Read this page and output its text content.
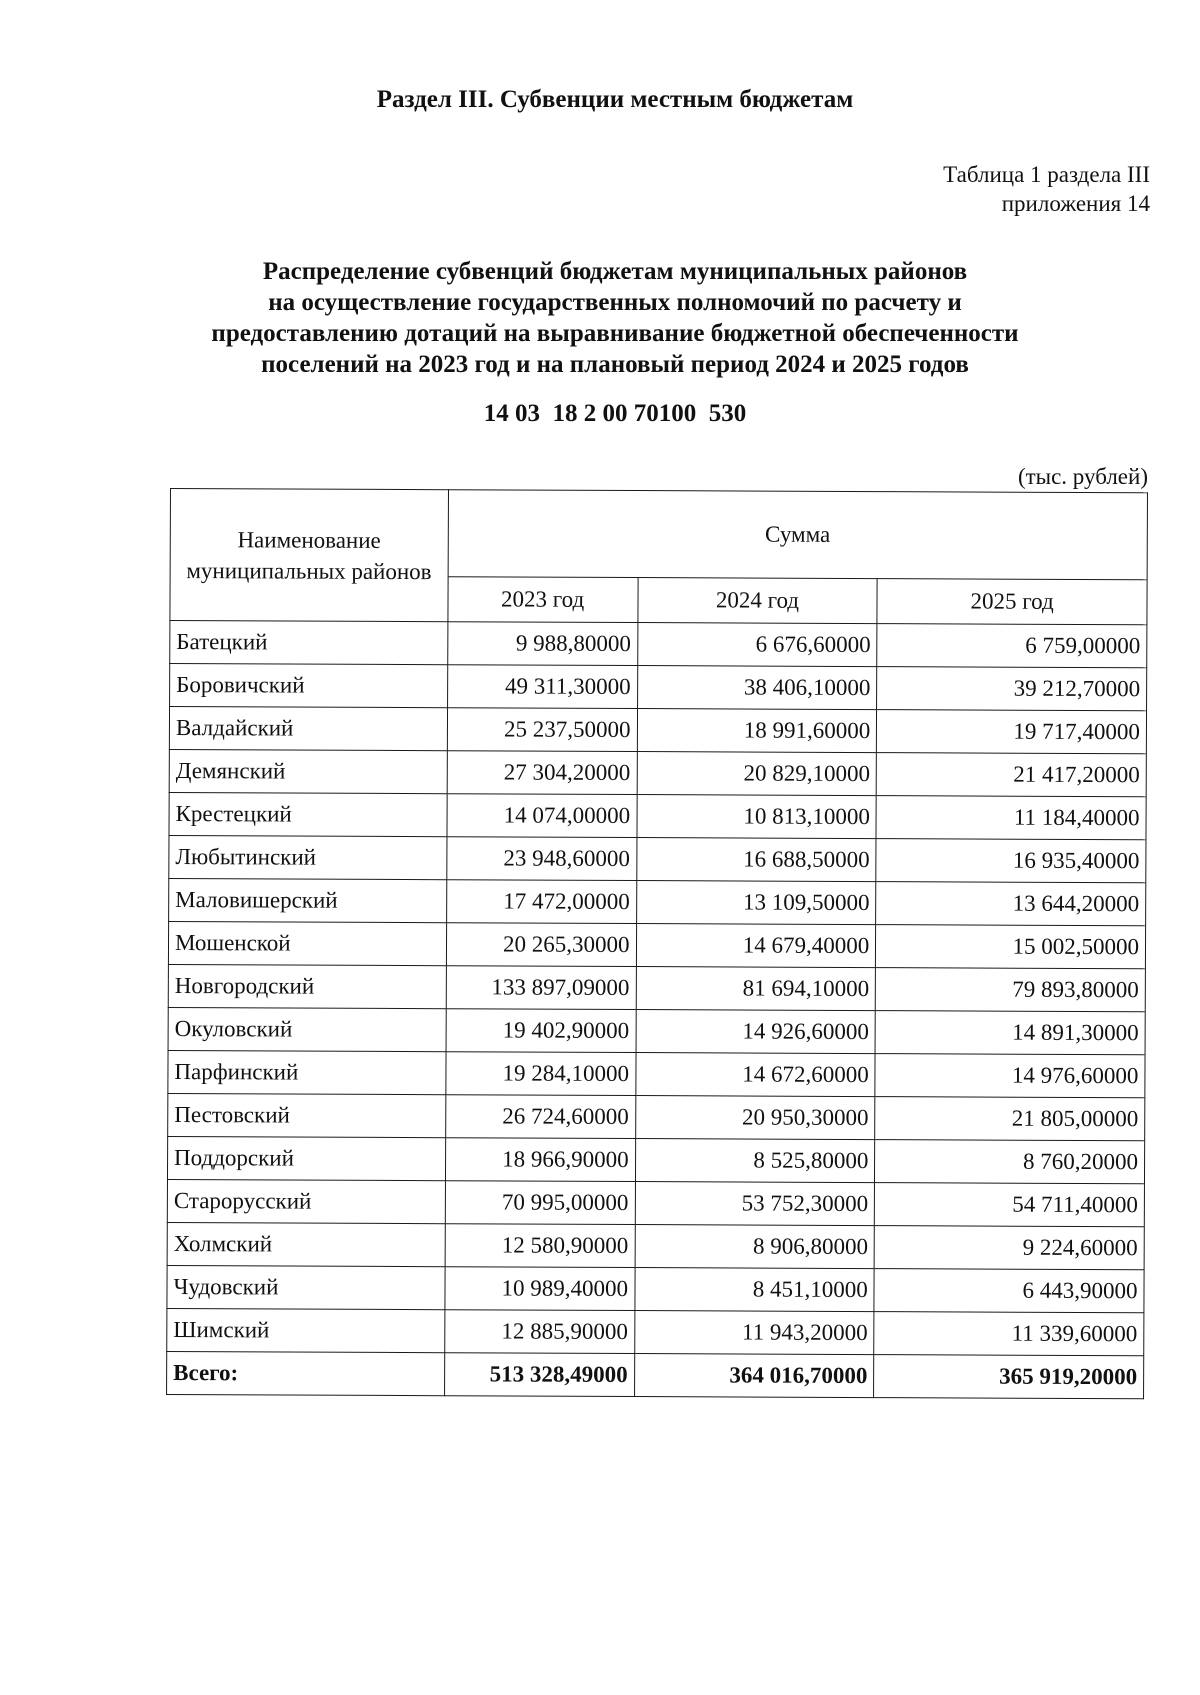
Раздел III. Субвенции местным бюджетам
Таблица 1 раздела III
приложения 14
Распределение субвенций бюджетам муниципальных районов
на осуществление государственных полномочий по расчету и
предоставлению дотаций на выравнивание бюджетной обеспеченности
поселений на 2023 год и на плановый период 2024 и 2025 годов
14 03  18 2 00 70100  530
(тыс. рублей)
Наименование муниципальных районов	Сумма		
	2023 год	2024 год	2025 год
Батецкий	9 988,80000	6 676,60000	6 759,00000
Боровичский	49 311,30000	38 406,10000	39 212,70000
Валдайский	25 237,50000	18 991,60000	19 717,40000
Демянский	27 304,20000	20 829,10000	21 417,20000
Крестецкий	14 074,00000	10 813,10000	11 184,40000
Любытинский	23 948,60000	16 688,50000	16 935,40000
Маловишерский	17 472,00000	13 109,50000	13 644,20000
Мошенской	20 265,30000	14 679,40000	15 002,50000
Новгородский	133 897,09000	81 694,10000	79 893,80000
Окуловский	19 402,90000	14 926,60000	14 891,30000
Парфинский	19 284,10000	14 672,60000	14 976,60000
Пестовский	26 724,60000	20 950,30000	21 805,00000
Поддорский	18 966,90000	8 525,80000	8 760,20000
Старорусский	70 995,00000	53 752,30000	54 711,40000
Холмский	12 580,90000	8 906,80000	9 224,60000
Чудовский	10 989,40000	8 451,10000	6 443,90000
Шимский	12 885,90000	11 943,20000	11 339,60000
Всего:	513 328,49000	364 016,70000	365 919,20000
